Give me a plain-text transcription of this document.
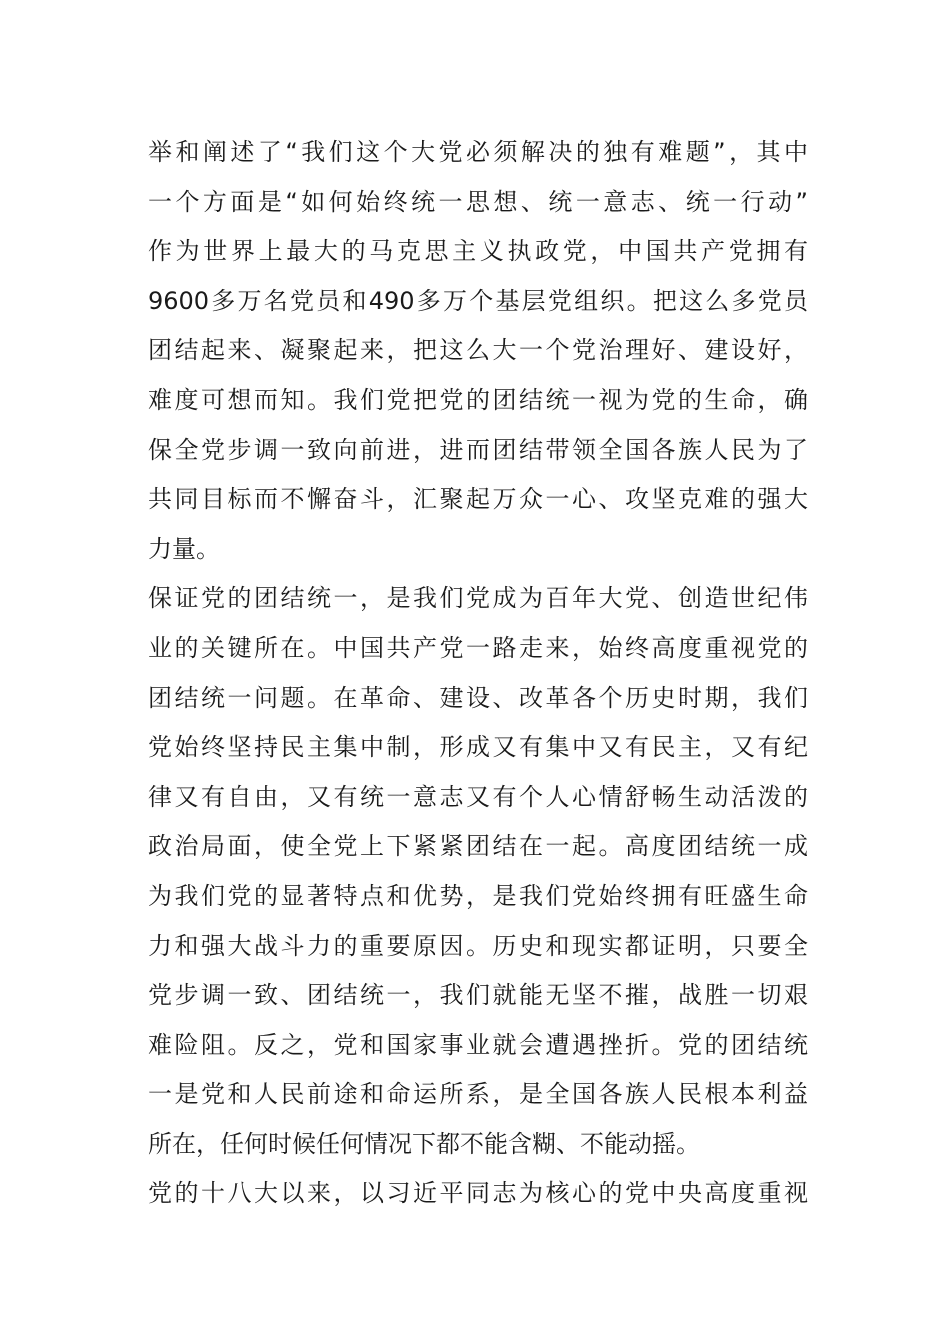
举和阐述了“我们这个大党必须解决的独有难题”，其中
一个方面是“如何始终统一思想、统一意志、统一行动”
作为世界上最大的马克思主义执政党，中国共产党拥有
9600多万名党员和490多万个基层党组织。把这么多党员
团结起来、凝聚起来，把这么大一个党治理好、建设好，
难度可想而知。我们党把党的团结统一视为党的生命，确
保全党步调一致向前进，进而团结带领全国各族人民为了
共同目标而不懈奋斗，汇聚起万众一心、攻坚克难的强大
力量。
保证党的团结统一，是我们党成为百年大党、创造世纪伟
业的关键所在。中国共产党一路走来，始终高度重视党的
团结统一问题。在革命、建设、改革各个历史时期，我们
党始终坚持民主集中制，形成又有集中又有民主，又有纪
律又有自由，又有统一意志又有个人心情舒畅生动活泼的
政治局面，使全党上下紧紧团结在一起。高度团结统一成
为我们党的显著特点和优势，是我们党始终拥有旺盛生命
力和强大战斗力的重要原因。历史和现实都证明，只要全
党步调一致、团结统一，我们就能无坚不摧，战胜一切艰
难险阻。反之，党和国家事业就会遭遇挫折。党的团结统
一是党和人民前途和命运所系，是全国各族人民根本利益
所在，任何时候任何情况下都不能含糊、不能动摇。
党的十八大以来，以习近平同志为核心的党中央高度重视
